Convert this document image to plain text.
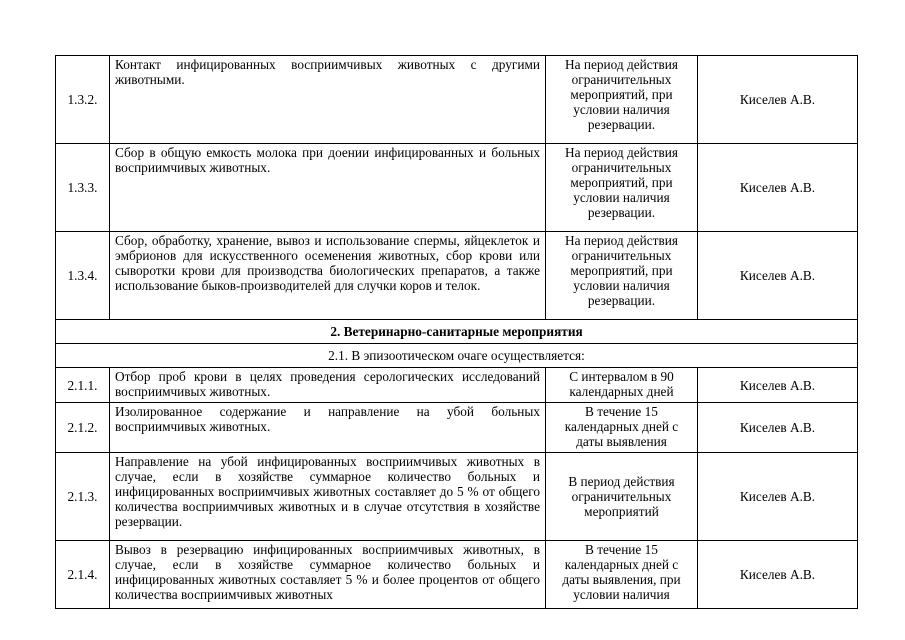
1.3.2.	Контакт инфицированных восприимчивых животных с другими животными.	На период действия ограничительных мероприятий, при условии наличия резервации.	Киселев А.В.
1.3.3.	Сбор в общую емкость молока при доении инфицированных и больных восприимчивых животных.	На период действия ограничительных мероприятий, при условии наличия резервации.	Киселев А.В.
1.3.4.	Сбор, обработку, хранение, вывоз и использование спермы, яйцеклеток и эмбрионов для искусственного осеменения животных, сбор крови или сыворотки крови для производства биологических препаратов, а также использование быков-производителей для случки коров и телок.	На период действия ограничительных мероприятий, при условии наличия резервации.	Киселев А.В.
2. Ветеринарно-санитарные мероприятия			
2.1. В эпизоотическом очаге осуществляется:			
2.1.1.	Отбор проб крови в целях проведения серологических исследований восприимчивых животных.	С интервалом в 90 календарных дней	Киселев А.В.
2.1.2.	Изолированное содержание и направление на убой больных восприимчивых животных.	В течение 15 календарных дней с даты выявления	Киселев А.В.
2.1.3.	Направление на убой инфицированных восприимчивых животных в случае, если в хозяйстве суммарное количество больных и инфицированных восприимчивых животных составляет до 5 % от общего количества восприимчивых животных и в случае отсутствия в хозяйстве резервации.	В период действия ограничительных мероприятий	Киселев А.В.
2.1.4.	Вывоз в резервацию инфицированных восприимчивых животных, в случае, если в хозяйстве суммарное количество больных и инфицированных животных составляет 5 % и более процентов от общего количества восприимчивых животных	В течение 15 календарных дней с даты выявления, при условии наличия	Киселев А.В.
